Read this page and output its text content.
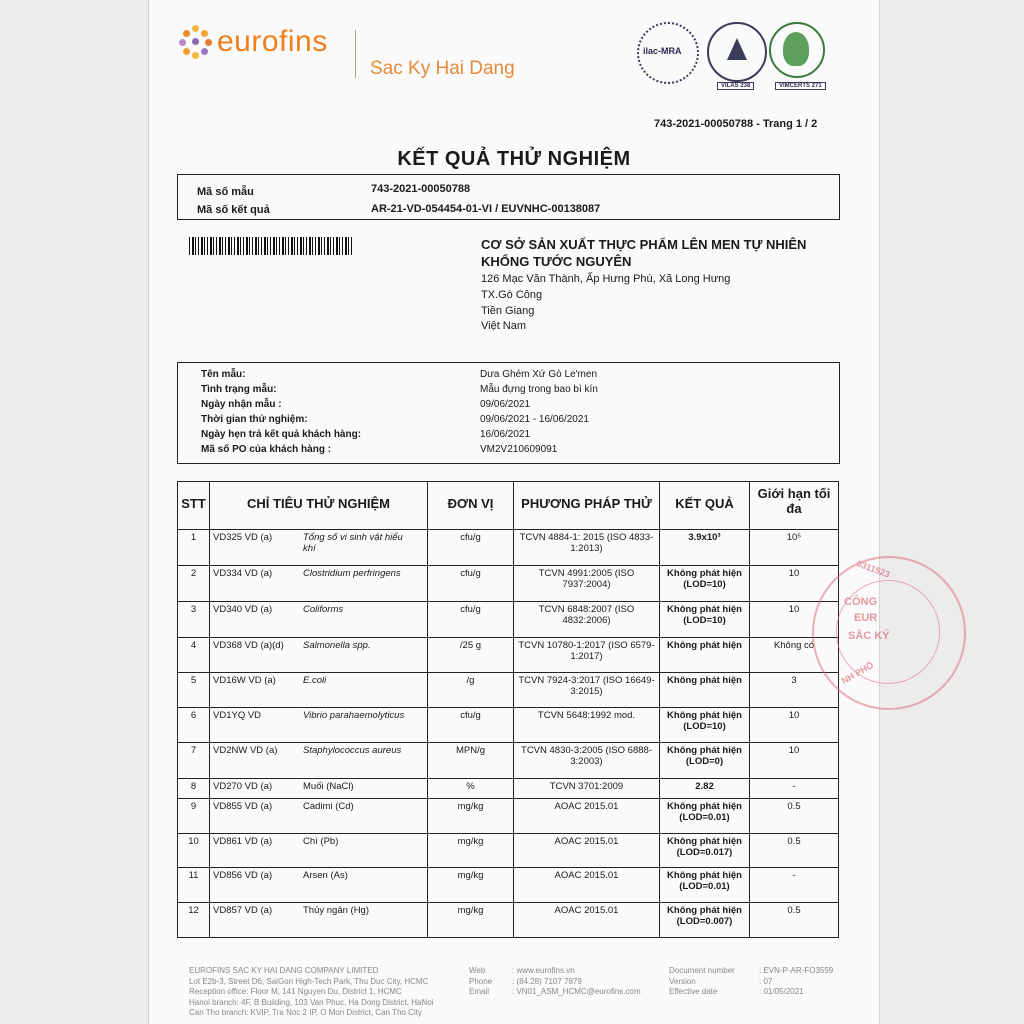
eurofins
Sac Ky Hai Dang
ilac-MRA
VILAS 238	VIMCERTS 271
743-2021-00050788 - Trang 1 / 2
KẾT QUẢ THỬ NGHIỆM
Mã số mẫu	743-2021-00050788
Mã số kết quả	AR-21-VD-054454-01-VI / EUVNHC-00138087
CƠ SỞ SẢN XUẤT THỰC PHẨM LÊN MEN TỰ NHIÊN
KHỔNG TƯỚC NGUYÊN
126 Mạc Văn Thành, Ấp Hưng Phú, Xã Long Hưng
TX.Gò Công
Tiền Giang
Việt Nam
Tên mẫu:	Dưa Ghém Xứ Gò Le'men
Tình trạng mẫu:	Mẫu đựng trong bao bì kín
Ngày nhận mẫu :	09/06/2021
Thời gian thử nghiệm:	09/06/2021 - 16/06/2021
Ngày hẹn trả kết quả khách hàng:	16/06/2021
Mã số PO của khách hàng :	VM2V210609091
STT	CHỈ TIÊU THỬ NGHIỆM	ĐƠN VỊ	PHƯƠNG PHÁP THỬ	KẾT QUẢ	Giới hạn tối đa
1	VD325 VD (a) Tổng số vi sinh vật hiếu khí	cfu/g	TCVN 4884-1: 2015 (ISO 4833-1:2013)	3.9x10³	10⁵
2	VD334 VD (a) Clostridium perfringens	cfu/g	TCVN 4991:2005 (ISO 7937:2004)	Không phát hiện (LOD=10)	10
3	VD340 VD (a) Coliforms	cfu/g	TCVN 6848:2007 (ISO 4832:2006)	Không phát hiện (LOD=10)	10
4	VD368 VD (a)(d) Salmonella spp.	/25 g	TCVN 10780-1:2017 (ISO 6579-1:2017)	Không phát hiện	Không có
5	VD16W VD (a) E.coli	/g	TCVN 7924-3:2017 (ISO 16649-3:2015)	Không phát hiện	3
6	VD1YQ VD Vibrio parahaemolyticus	cfu/g	TCVN 5648:1992 mod.	Không phát hiện (LOD=10)	10
7	VD2NW VD (a) Staphylococcus aureus	MPN/g	TCVN 4830-3:2005 (ISO 6888-3:2003)	Không phát hiện (LOD=0)	10
8	VD270 VD (a) Muối (NaCl)	%	TCVN 3701:2009	2.82	-
9	VD855 VD (a) Cadimi (Cd)	mg/kg	AOAC 2015.01	Không phát hiện (LOD=0.01)	0.5
10	VD861 VD (a) Chì (Pb)	mg/kg	AOAC 2015.01	Không phát hiện (LOD=0.017)	0.5
11	VD856 VD (a) Arsen (As)	mg/kg	AOAC 2015.01	Không phát hiện (LOD=0.01)	-
12	VD857 VD (a) Thủy ngân (Hg)	mg/kg	AOAC 2015.01	Không phát hiện (LOD=0.007)	0.5
EUROFINS SAC KY HAI DANG COMPANY LIMITED
Lot E2b-3, Street D6, SaiGon High-Tech Park, Thu Duc City, HCMC
Reception office: Floor M, 141 Nguyen Du, District 1, HCMC
Hanoi branch: 4F, B Building, 103 Van Phuc, Ha Dong District, HaNoi
Can Tho branch: KVIP, Tra Noc 2 IP, O Mon District, Can Tho City
Web
Phone
Email
: www.eurofins.vn
: (84.28) 7107 7879
: VN01_ASM_HCMC@eurofins.com
Document number
Version
Effective date
: EVN-P-AR-FO3559
: 07
: 01/05/2021
0311523
CÔNG
EUR
SẮC KÝ
NH PHỐ
